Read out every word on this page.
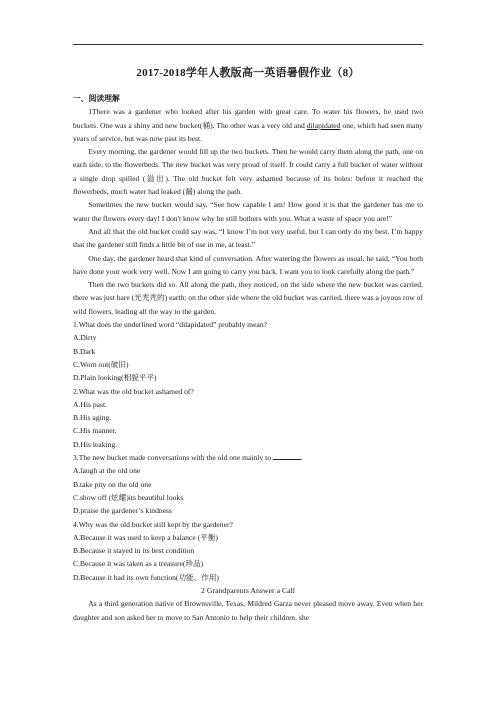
2017-2018学年人教版高一英语暑假作业（8）

一、阅读理解

1There was a gardener who looked after his garden with great care. To water his flowers, he used two buckets. One was a shiny and new bucket(桶). The other was a very old and dilapidated one, which had seen many years of service, but was now past its best.

Every morning, the gardener would fill up the two buckets. Then he would carry them along the path, one on each side, to the flowerbeds. The new bucket was very proud of itself. It could carry a full bucket of water without a single drop spilled (溢出). The old bucket felt very ashamed because of its holes: before it reached the flowerbeds, much water had leaked (漏) along the path.

Sometimes the new bucket would say, “See how capable I am! How good it is that the gardener has me to water the flowers every day! I don't know why he still bothers with you. What a waste of space you are!”

And all that the old bucket could say was, “I know I’m not very useful, but I can only do my best. I’m happy that the gardener still finds a little bit of use in me, at least.”

One day, the gardener heard that kind of conversation. After watering the flowers as usual, he said, “You both have done your work very well. Now I am going to carry you back. I want you to look carefully along the path.”

Then the two buckets did so. All along the path, they noticed, on the side where the new bucket was carried, there was just bare (光秃秃的) earth; on the other side where the old bucket was carried, there was a joyous row of wild flowers, leading all the way to the garden.

1.What does the underlined word “dilapidated” probably mean?

A.Dirty

B.Dark

C.Worn out(破旧)

D.Plain looking(相貌平平)

2.What was the old bucket ashamed of?

A.His past.

B.His aging.

C.His manner.

D.His leaking.

3.The new bucket made conversations with the old one mainly to	.

A.laugh at the old one

B.take pity on the old one

C.show off (炫耀)its beautiful looks

D.praise the gardener’s kindness

4.Why was the old bucket still kept by the gardener?

A.Because it was used to keep a balance (平衡)

B.Because it stayed in its best condition

C.Because it was taken as a treasure(珍品)

D.Because it had its own function(功能、作用)

2 Grandparents Answer a Call

As a third generation native of Brownsville, Texas, Mildred Garza never pleased move away. Even when her daughter and son asked her to move to San Antonio to help their children, she
